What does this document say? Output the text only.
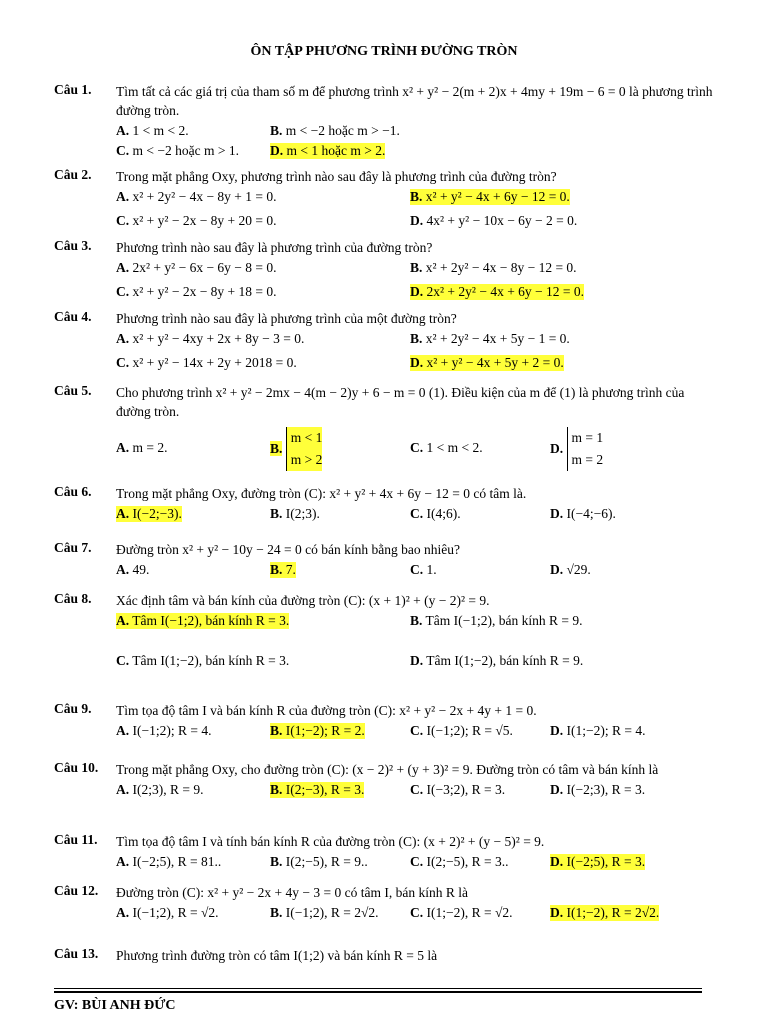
ÔN TẬP PHƯƠNG TRÌNH ĐƯỜNG TRÒN
Câu 1. Tìm tất cả các giá trị của tham số m để phương trình x² + y² − 2(m + 2)x + 4my + 19m − 6 = 0 là phương trình đường tròn.
A. 1 < m < 2.	B. m < −2 hoặc m > −1.
C. m < −2 hoặc m > 1. D. m < 1 hoặc m > 2.
Câu 2. Trong mặt phẳng Oxy, phương trình nào sau đây là phương trình của đường tròn?
A. x² + 2y² − 4x − 8y + 1 = 0.	B. x² + y² − 4x + 6y − 12 = 0.
C. x² + y² − 2x − 8y + 20 = 0.	D. 4x² + y² − 10x − 6y − 2 = 0.
Câu 3. Phương trình nào sau đây là phương trình của đường tròn?
A. 2x² + y² − 6x − 6y − 8 = 0.	B. x² + 2y² − 4x − 8y − 12 = 0.
C. x² + y² − 2x − 8y + 18 = 0.	D. 2x² + 2y² − 4x + 6y − 12 = 0.
Câu 4. Phương trình nào sau đây là phương trình của một đường tròn?
A. x² + y² − 4xy + 2x + 8y − 3 = 0.	B. x² + 2y² − 4x + 5y − 1 = 0.
C. x² + y² − 14x + 2y + 2018 = 0.	D. x² + y² − 4x + 5y + 2 = 0.
Câu 5. Cho phương trình x² + y² − 2mx − 4(m − 2)y + 6 − m = 0 (1). Điều kiện của m để (1) là phương trình của đường tròn.
A. m = 2.	B. m < 1
m > 2
C. 1 < m < 2.	D. m = 1
m = 2
Câu 6. Trong mặt phẳng Oxy, đường tròn (C): x² + y² + 4x + 6y − 12 = 0 có tâm là.
A. I(−2;−3).	B. I(2;3).	C. I(4;6).	D. I(−4;−6).
Câu 7. Đường tròn x² + y² − 10y − 24 = 0 có bán kính bằng bao nhiêu?
A. 49.	B. 7.	C. 1.	D. √29.
Câu 8. Xác định tâm và bán kính của đường tròn (C): (x + 1)² + (y − 2)² = 9.
A. Tâm I(−1;2), bán kính R = 3.	B. Tâm I(−1;2), bán kính R = 9.
C. Tâm I(1;−2), bán kính R = 3.	D. Tâm I(1;−2), bán kính R = 9.
Câu 9. Tìm tọa độ tâm I và bán kính R của đường tròn (C): x² + y² − 2x + 4y + 1 = 0.
A. I(−1;2); R = 4.	B. I(1;−2); R = 2.	C. I(−1;2); R = √5.	D. I(1;−2); R = 4.
Câu 10. Trong mặt phẳng Oxy, cho đường tròn (C): (x − 2)² + (y + 3)² = 9. Đường tròn có tâm và bán kính là
A. I(2;3), R = 9.	B. I(2;−3), R = 3.	C. I(−3;2), R = 3.	D. I(−2;3), R = 3.
Câu 11. Tìm tọa độ tâm I và tính bán kính R của đường tròn (C): (x + 2)² + (y − 5)² = 9.
A. I(−2;5), R = 81..	B. I(2;−5), R = 9..	C. I(2;−5), R = 3..	D. I(−2;5), R = 3.
Câu 12. Đường tròn (C): x² + y² − 2x + 4y − 3 = 0 có tâm I, bán kính R là
A. I(−1;2), R = √2.	B. I(−1;2), R = 2√2. C. I(1;−2), R = √2.	D. I(1;−2), R = 2√2.
Câu 13. Phương trình đường tròn có tâm I(1;2) và bán kính R = 5 là
GV: BÙI ANH ĐỨC
